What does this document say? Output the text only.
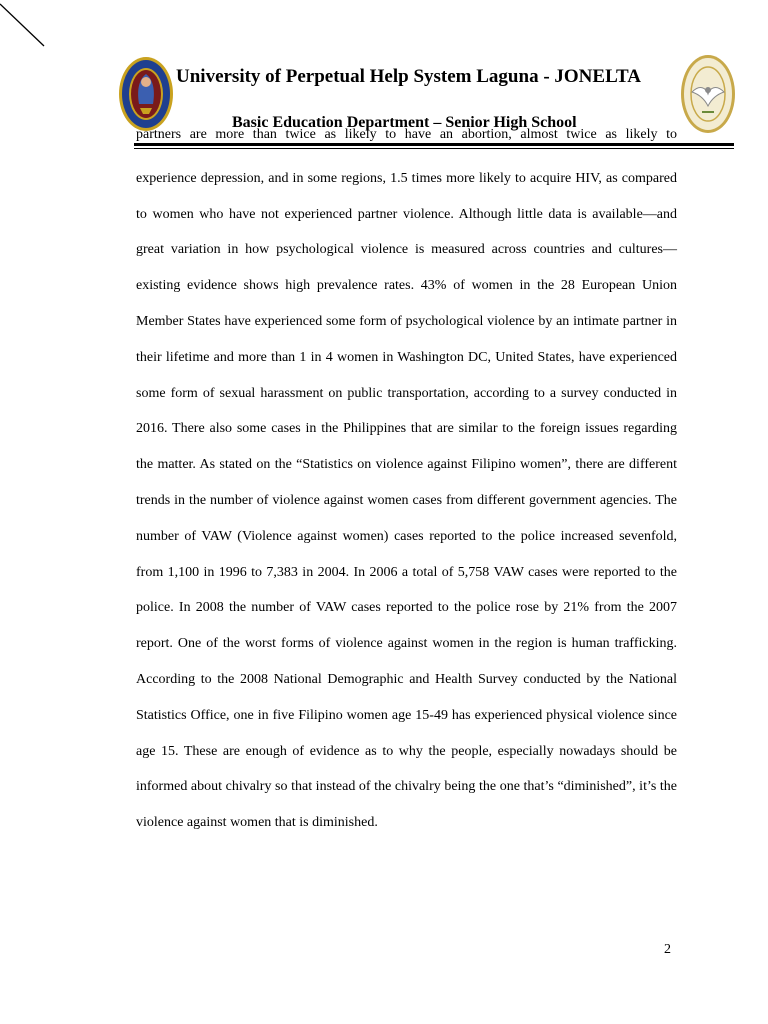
University of Perpetual Help System Laguna - JONELTA
Basic Education Department – Senior High School

partners are more than twice as likely to have an abortion, almost twice as likely to

experience depression, and in some regions, 1.5 times more likely to acquire HIV, as compared to women who have not experienced partner violence. Although little data is available—and great variation in how psychological violence is measured across countries and cultures—existing evidence shows high prevalence rates. 43% of women in the 28 European Union Member States have experienced some form of psychological violence by an intimate partner in their lifetime and more than 1 in 4 women in Washington DC, United States, have experienced some form of sexual harassment on public transportation, according to a survey conducted in 2016. There also some cases in the Philippines that are similar to the foreign issues regarding the matter. As stated on the “Statistics on violence against Filipino women”, there are different trends in the number of violence against women cases from different government agencies. The number of VAW (Violence against women) cases reported to the police increased sevenfold, from 1,100 in 1996 to 7,383 in 2004. In 2006 a total of 5,758 VAW cases were reported to the police. In 2008 the number of VAW cases reported to the police rose by 21% from the 2007 report. One of the worst forms of violence against women in the region is human trafficking. According to the 2008 National Demographic and Health Survey conducted by the National Statistics Office, one in five Filipino women age 15-49 has experienced physical violence since age 15. These are enough of evidence as to why the people, especially nowadays should be informed about chivalry so that instead of the chivalry being the one that’s “diminished”, it’s the violence against women that is diminished.

2
